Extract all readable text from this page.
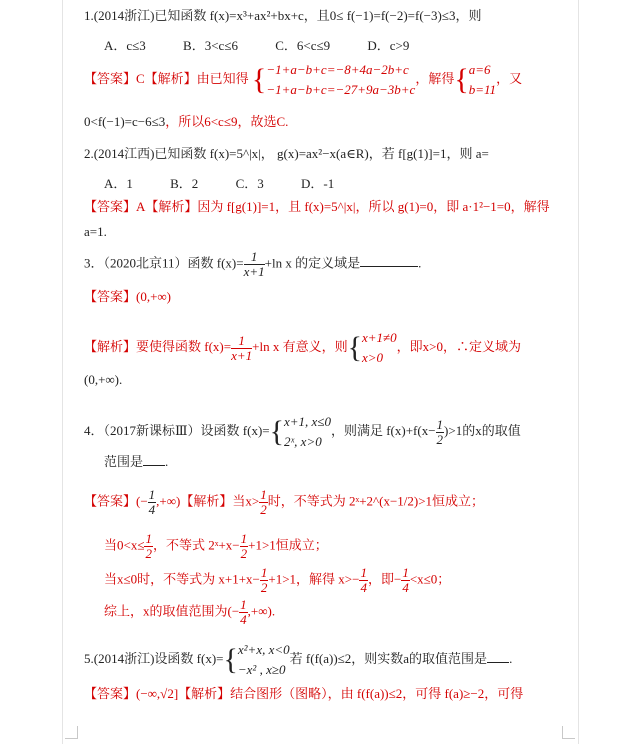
1.(2014浙江)已知函数 f(x)=x³+ax²+bx+c，且0≤ f(−1)=f(−2)=f(−3)≤3，则
A．c≤3	B．3<c≤6	C．6<c≤9	D．c>9
【答案】C【解析】由已知得 { −1+a−b+c=−8+4a−2b+c
−1+a−b+c=−27+9a−3b+c
，解得{ a=6
b=11
，又
0<f(−1)=c−6≤3，所以6<c≤9，故选C.
2.(2014江西)已知函数 f(x)=5^|x|， g(x)=ax²−x(a∈R)，若 f[g(1)]=1，则 a=
A．1	B．2	C．3	D．-1
【答案】A【解析】因为 f[g(1)]=1，且 f(x)=5^|x|，所以 g(1)=0，即 a·1²−1=0，解得
a=1.
3．（2020北京11）函数 $f(x)= \frac{1}{x+1} +\ln$ x 的定义域是	.
【答案】(0,+∞)
【解析】要使得函数 $f(x)= \frac{1}{x+1} +\ln$ x 有意义，则{ x+1≠0
x>0
，即x>0，∴定义域为
(0,+∞).
4．（2017新课标Ⅲ）设函数 f(x)={ x+1, x≤0
2ˣ, x>0
，则满足 $f(x)+f(x- \frac{1}{2} )>1$的x的取值
范围是 .
【答案】(− $\frac{1}{4}$ ,+∞)【解析】当$x> \frac{1}{2}$ 时，不等式为 2ˣ+2^(x−1/2)>1恒成立；
当$0<x\le \frac{1}{2}$ ，不等式 2ˣ+x− $\frac{1}{2} +1>1$恒成立；
当x≤0时，不等式为 $x+1+x- \frac{1}{2} +1>1$，解得 $x>- \frac{1}{4}$ ，即− $\frac{1}{4} <x\le 0$；
综上，x的取值范围为(− $\frac{1}{4}$ ,+∞).
5.(2014浙江)设函数 f(x)={ x²+x, x<0
−x² , x≥0
若 f(f(a))≤2，则实数a的取值范围是 .
【答案】(−∞,√2]【解析】结合图形（图略），由 f(f(a))≤2，可得 f(a)≥−2，可得
